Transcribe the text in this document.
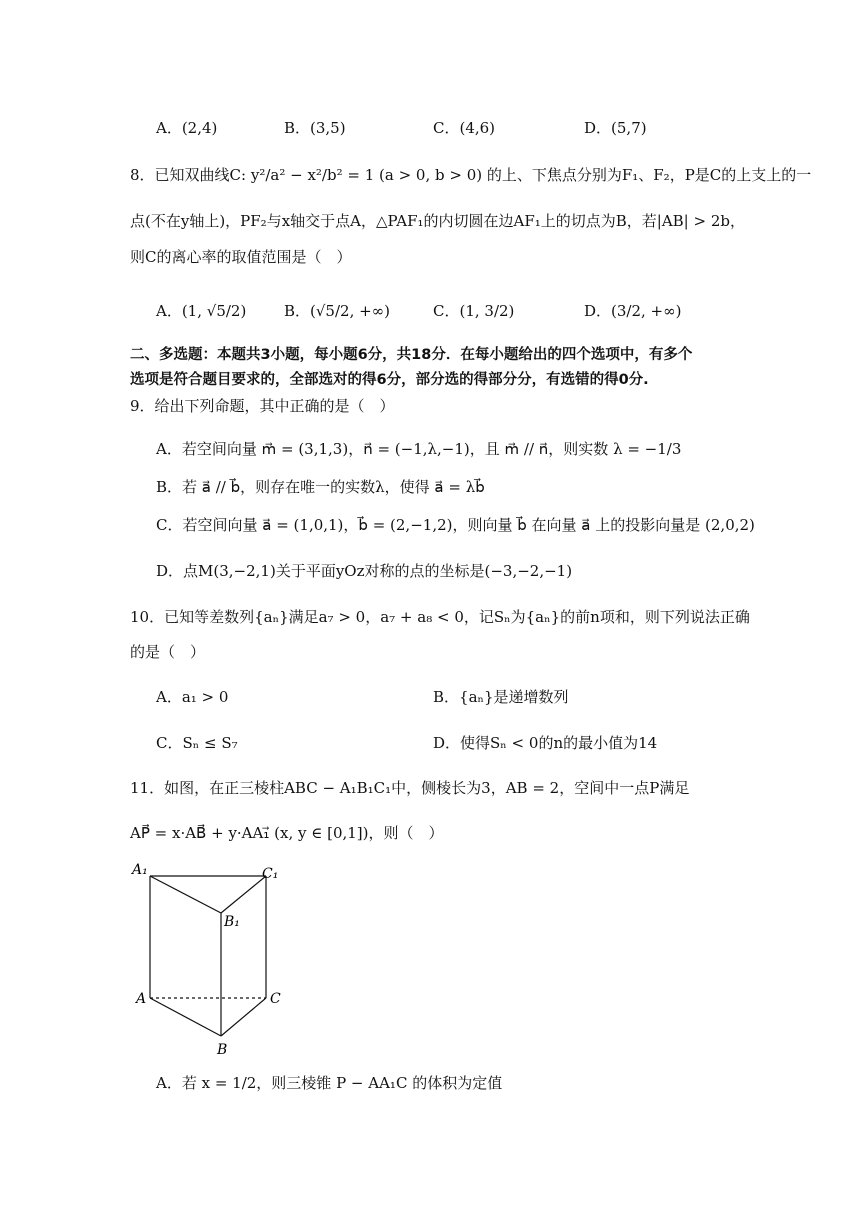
A．(2,4)	B．(3,5)	C．(4,6)	D．(5,7)
8．已知双曲线C: y²/a² − x²/b² = 1 (a > 0, b > 0) 的上、下焦点分别为F₁、F₂，P是C的上支上的一
点(不在y轴上)，PF₂与x轴交于点A，△PAF₁的内切圆在边AF₁上的切点为B，若|AB| > 2b，
则C的离心率的取值范围是（　）
A．(1, √5/2)	B．(√5/2, +∞)	C．(1, 3/2)	D．(3/2, +∞)
二、多选题：本题共3小题，每小题6分，共18分．在每小题给出的四个选项中，有多个
选项是符合题目要求的，全部选对的得6分，部分选的得部分分，有选错的得0分.
9．给出下列命题，其中正确的是（　）
A．若空间向量 m⃗ = (3,1,3)，n⃗ = (−1,λ,−1)，且 m⃗ // n⃗，则实数 λ = −1/3
B．若 a⃗ // b⃗，则存在唯一的实数λ，使得 a⃗ = λb⃗
C．若空间向量 a⃗ = (1,0,1)，b⃗ = (2,−1,2)，则向量 b⃗ 在向量 a⃗ 上的投影向量是 (2,0,2)
D．点M(3,−2,1)关于平面yOz对称的点的坐标是(−3,−2,−1)
10．已知等差数列{aₙ}满足a₇ > 0，a₇ + a₈ < 0，记Sₙ为{aₙ}的前n项和，则下列说法正确
的是（　）
A．a₁ > 0	B．{aₙ}是递增数列
C．Sₙ ≤ S₇	D．使得Sₙ < 0的n的最小值为14
11．如图，在正三棱柱ABC − A₁B₁C₁中，侧棱长为3，AB = 2，空间中一点P满足
AP⃗ = x·AB⃗ + y·AA₁⃗ (x, y ∈ [0,1])，则（　）
A₁	C₁
B₁
A	C
B
A．若 x = 1/2，则三棱锥 P − AA₁C 的体积为定值
